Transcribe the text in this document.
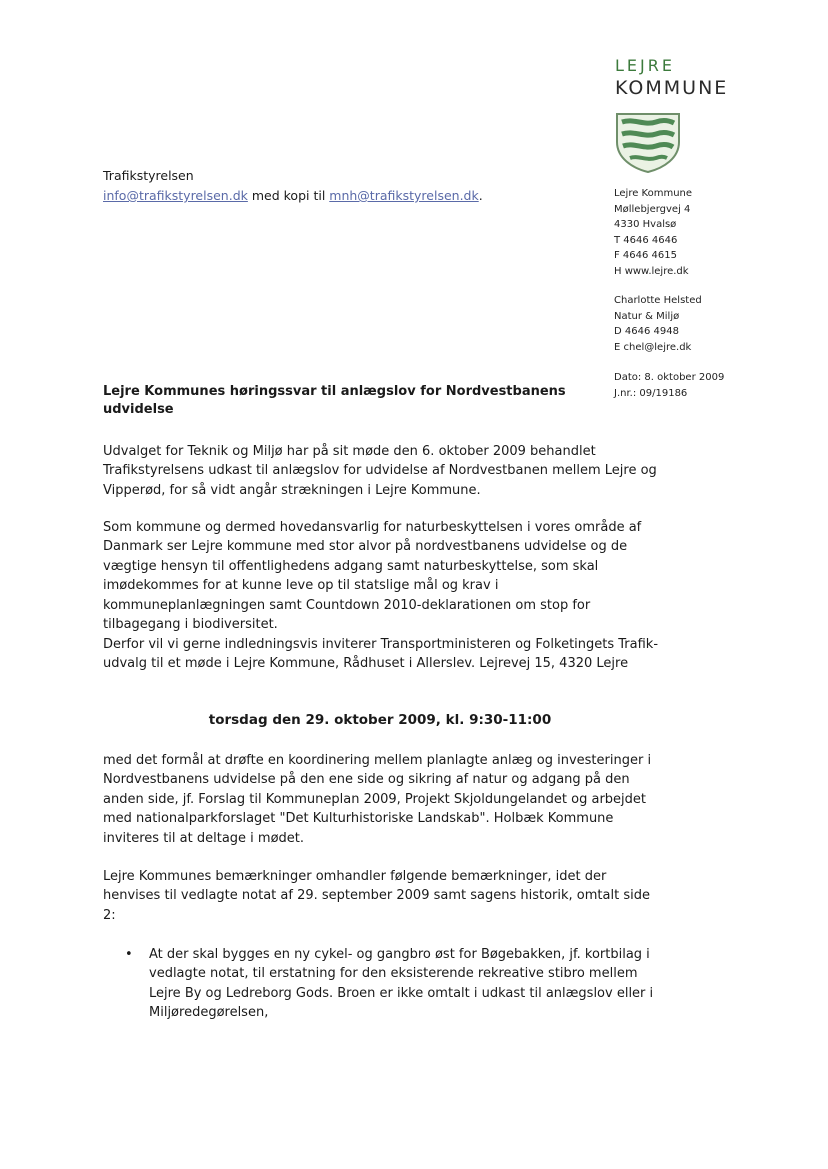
LEJRE
KOMMUNE
Lejre Kommune
Møllebjergvej 4
4330 Hvalsø
T 4646 4646
F 4646 4615
H www.lejre.dk
Charlotte Helsted
Natur & Miljø
D 4646 4948
E chel@lejre.dk
Dato: 8. oktober 2009
J.nr.: 09/19186
Trafikstyrelsen
info@trafikstyrelsen.dk med kopi til mnh@trafikstyrelsen.dk.
Lejre Kommunes høringssvar til anlægslov for Nordvestbanens udvidelse
Udvalget for Teknik og Miljø har på sit møde den 6. oktober 2009 behandlet Trafikstyrelsens udkast til anlægslov for udvidelse af Nordvestbanen mellem Lejre og Vipperød, for så vidt angår strækningen i Lejre Kommune.
Som kommune og dermed hovedansvarlig for naturbeskyttelsen i vores område af Danmark ser Lejre kommune med stor alvor på nordvestbanens udvidelse og de vægtige hensyn til offentlighedens adgang samt naturbeskyttelse, som skal imødekommes for at kunne leve op til statslige mål og krav i kommuneplanlægningen samt Countdown 2010-deklarationen om stop for tilbagegang i biodiversitet.
Derfor vil vi gerne indledningsvis inviterer Transportministeren og Folketingets Trafik-udvalg til et møde i Lejre Kommune, Rådhuset i Allerslev. Lejrevej 15, 4320 Lejre
torsdag den 29. oktober 2009, kl. 9:30-11:00
med det formål at drøfte en koordinering mellem planlagte anlæg og investeringer i Nordvestbanens udvidelse på den ene side og sikring af natur og adgang på den anden side, jf. Forslag til Kommuneplan 2009, Projekt Skjoldungelandet og arbejdet med nationalparkforslaget "Det Kulturhistoriske Landskab". Holbæk Kommune inviteres til at deltage i mødet.
Lejre Kommunes bemærkninger omhandler følgende bemærkninger, idet der henvises til vedlagte notat af 29. september 2009 samt sagens historik, omtalt side 2:
• At der skal bygges en ny cykel- og gangbro øst for Bøgebakken, jf. kortbilag i vedlagte notat, til erstatning for den eksisterende rekreative stibro mellem Lejre By og Ledreborg Gods. Broen er ikke omtalt i udkast til anlægslov eller i Miljøredegørelsen,
